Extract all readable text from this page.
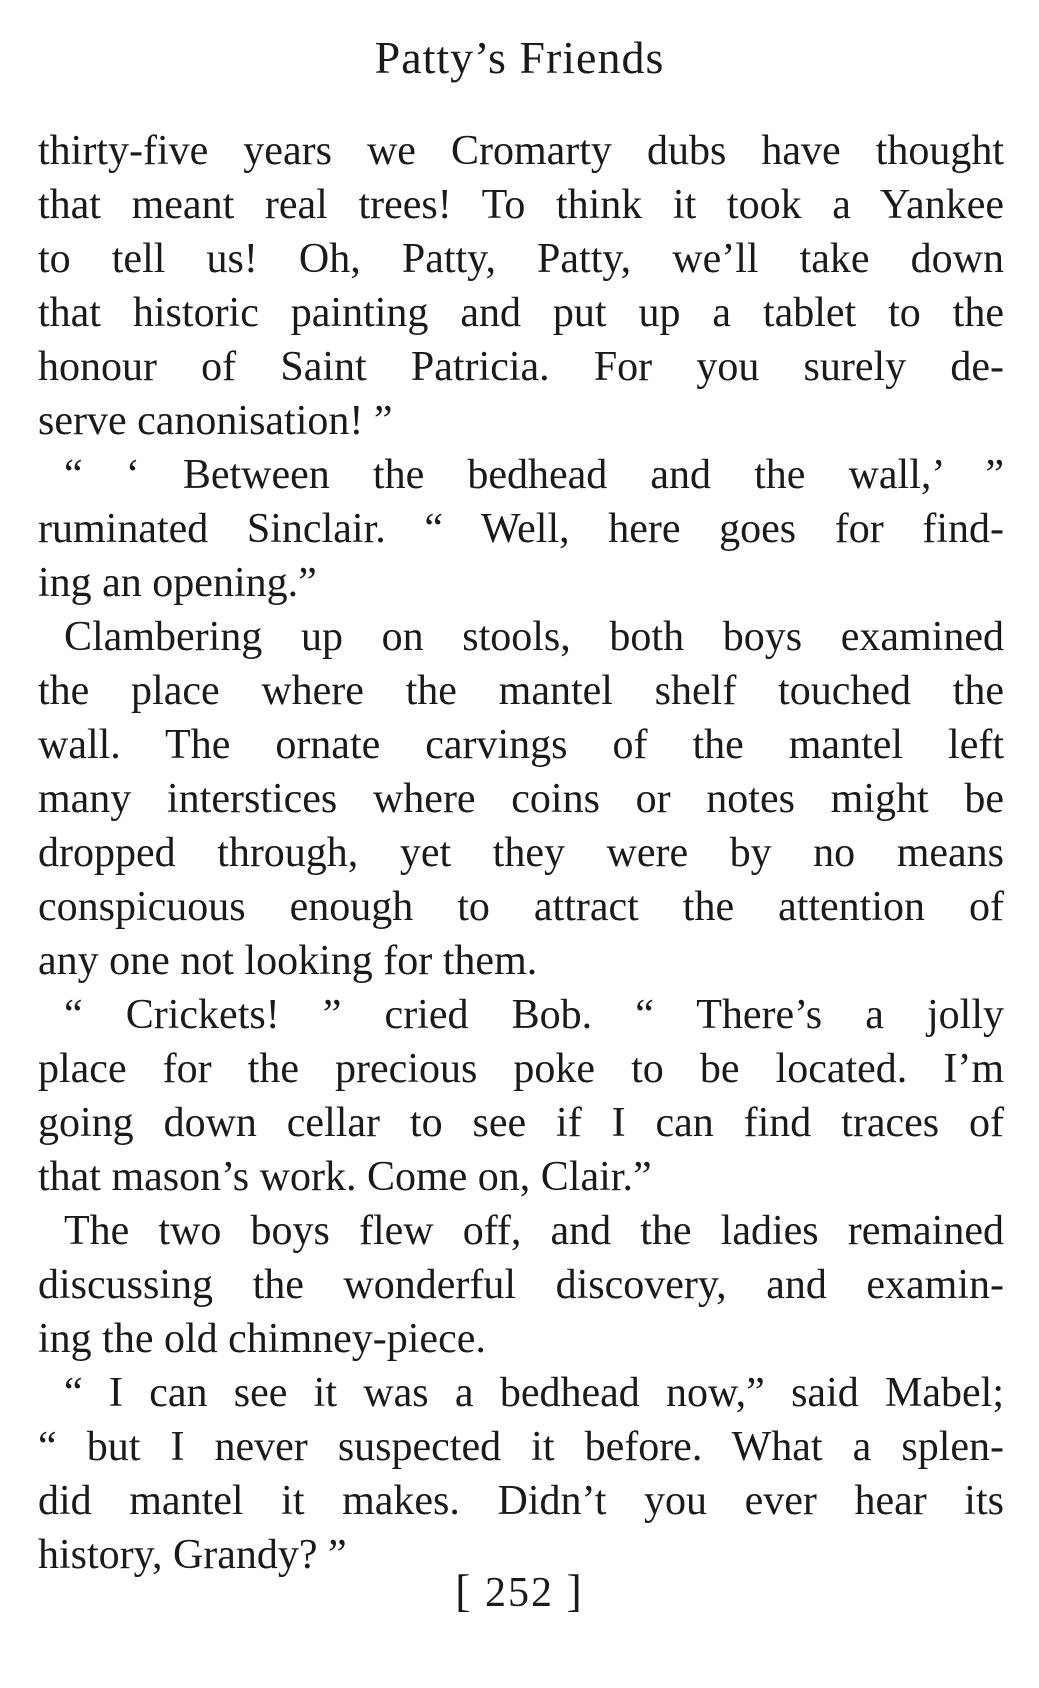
Patty’s Friends

thirty-five years we Cromarty dubs have thought

that meant real trees! To think it took a Yankee

to tell us! Oh, Patty, Patty, we’ll take down

that historic painting and put up a tablet to the

honour of Saint Patricia. For you surely de-

serve canonisation! ”

“ ‘ Between the bedhead and the wall,’ ”

ruminated Sinclair. “ Well, here goes for find-

ing an opening.”

Clambering up on stools, both boys examined

the place where the mantel shelf touched the

wall. The ornate carvings of the mantel left

many interstices where coins or notes might be

dropped through, yet they were by no means

conspicuous enough to attract the attention of

any one not looking for them.

“ Crickets! ” cried Bob. “ There’s a jolly

place for the precious poke to be located. I’m

going down cellar to see if I can find traces of

that mason’s work. Come on, Clair.”

The two boys flew off, and the ladies remained

discussing the wonderful discovery, and examin-

ing the old chimney-piece.

“ I can see it was a bedhead now,” said Mabel;

“ but I never suspected it before. What a splen-

did mantel it makes. Didn’t you ever hear its

history, Grandy? ”

[ 252 ]
